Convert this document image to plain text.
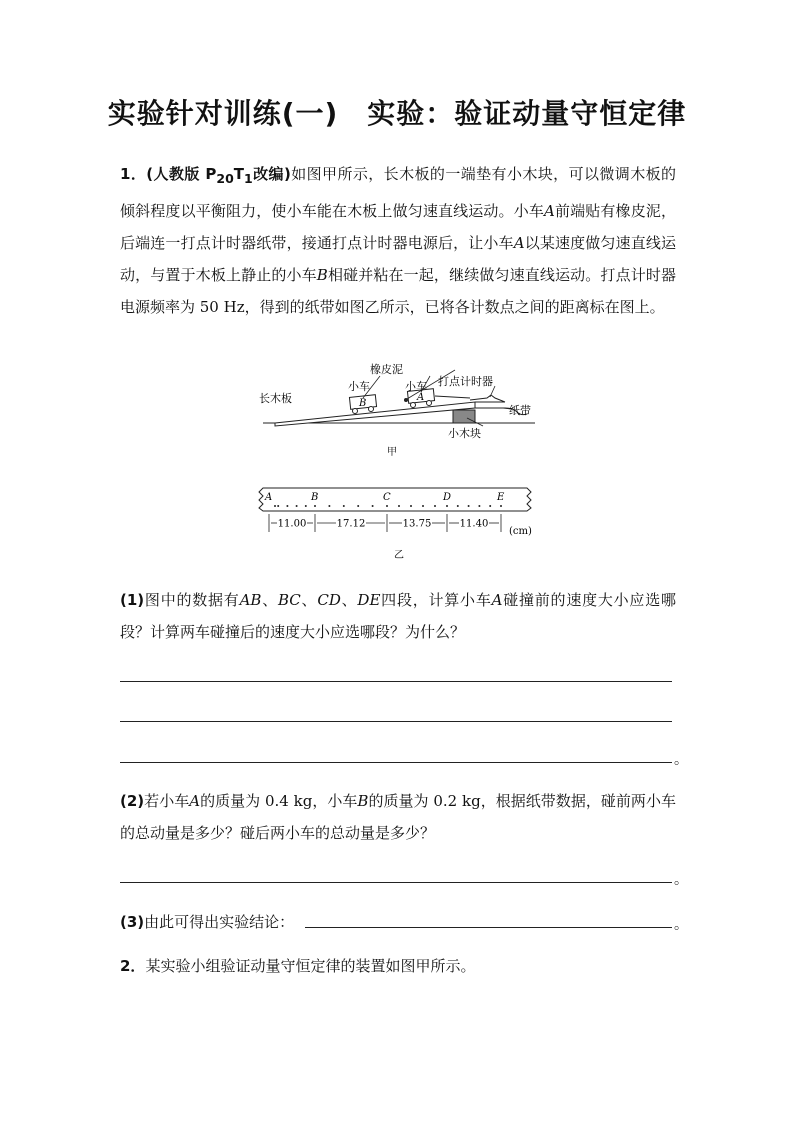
实验针对训练(一)　实验：验证动量守恒定律
1．(人教版 $P_{20}T_1$改编)如图甲所示，长木板的一端垫有小木块，可以微调木板的倾斜程度以平衡阻力，使小车能在木板上做匀速直线运动。小车A前端贴有橡皮泥，后端连一打点计时器纸带，接通打点计时器电源后，让小车A以某速度做匀速直线运动，与置于木板上静止的小车B相碰并粘在一起，继续做匀速直线运动。打点计时器电源频率为 50 Hz，得到的纸带如图乙所示，已将各计数点之间的距离标在图上。
长木板
小车
B
小车
A
橡皮泥
打点计时器
纸带
小木块
甲
A	B	C	D	E
11.00	17.12	13.75	11.40
(cm)
乙
(1)图中的数据有AB、BC、CD、DE四段，计算小车A碰撞前的速度大小应选哪段？计算两车碰撞后的速度大小应选哪段？为什么？
。
(2)若小车A的质量为 0.4 kg，小车B的质量为 0.2 kg，根据纸带数据，碰前两小车的总动量是多少？碰后两小车的总动量是多少？
。
(3)由此可得出实验结论：	。
2．某实验小组验证动量守恒定律的装置如图甲所示。
